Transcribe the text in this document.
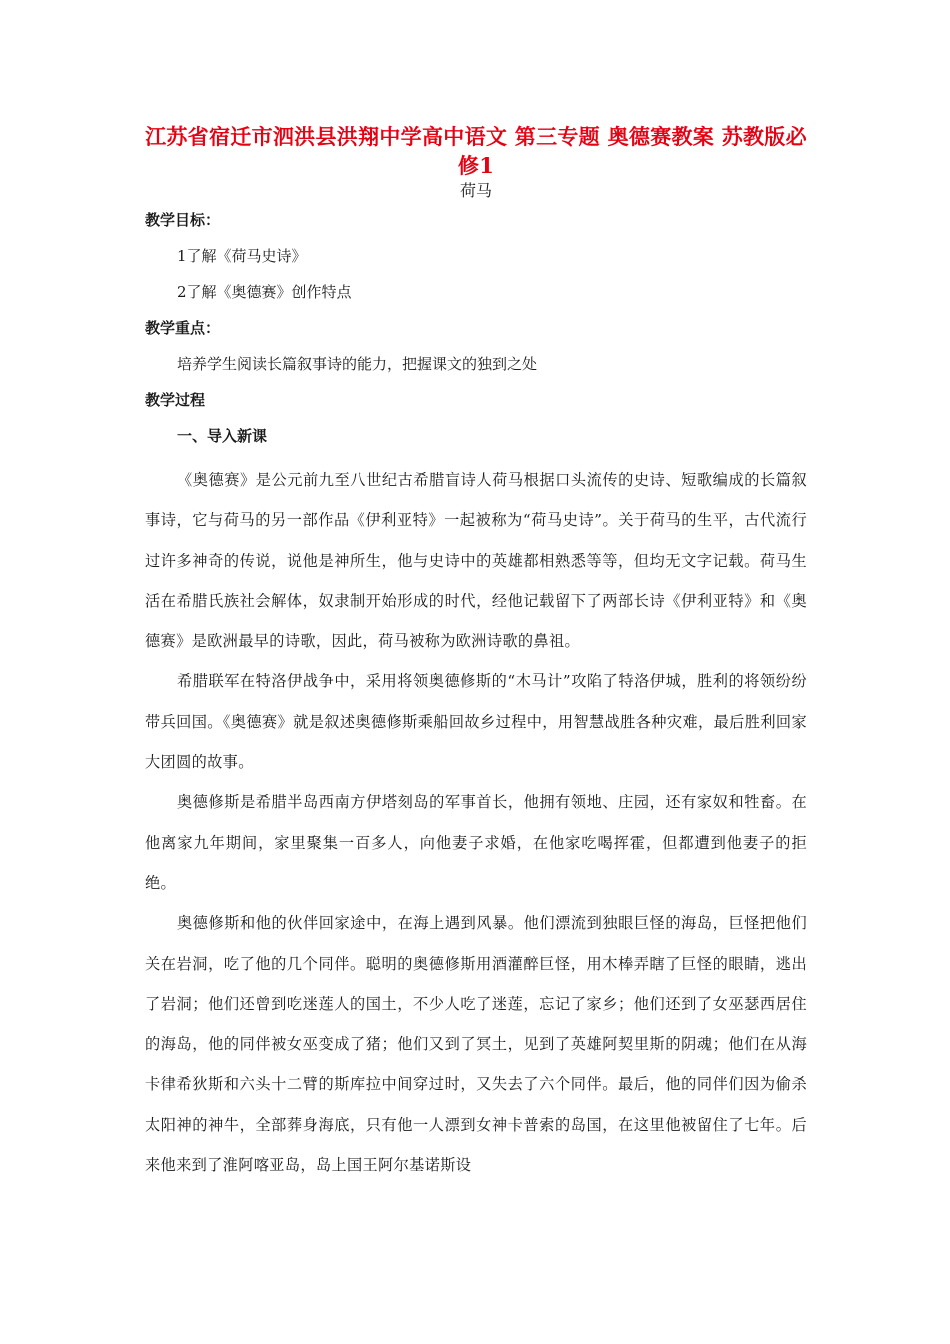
江苏省宿迁市泗洪县洪翔中学高中语文 第三专题 奥德赛教案 苏教版必修1
荷马
教学目标：
1了解《荷马史诗》
2了解《奥德赛》创作特点
教学重点：
培养学生阅读长篇叙事诗的能力，把握课文的独到之处
教学过程
一、导入新课

《奥德赛》是公元前九至八世纪古希腊盲诗人荷马根据口头流传的史诗、短歌编成的长篇叙事诗，它与荷马的另一部作品《伊利亚特》一起被称为“荷马史诗”。关于荷马的生平，古代流行过许多神奇的传说，说他是神所生，他与史诗中的英雄都相熟悉等等，但均无文字记载。荷马生活在希腊氏族社会解体，奴隶制开始形成的时代，经他记载留下了两部长诗《伊利亚特》和《奥德赛》是欧洲最早的诗歌，因此，荷马被称为欧洲诗歌的鼻祖。

希腊联军在特洛伊战争中，采用将领奥德修斯的“木马计”攻陷了特洛伊城，胜利的将领纷纷带兵回国。《奥德赛》就是叙述奥德修斯乘船回故乡过程中，用智慧战胜各种灾难，最后胜利回家大团圆的故事。

奥德修斯是希腊半岛西南方伊塔刻岛的军事首长，他拥有领地、庄园，还有家奴和牲畜。在他离家九年期间，家里聚集一百多人，向他妻子求婚，在他家吃喝挥霍，但都遭到他妻子的拒绝。

奥德修斯和他的伙伴回家途中，在海上遇到风暴。他们漂流到独眼巨怪的海岛，巨怪把他们关在岩洞，吃了他的几个同伴。聪明的奥德修斯用酒灌醉巨怪，用木棒弄瞎了巨怪的眼睛，逃出了岩洞；他们还曾到吃迷莲人的国土，不少人吃了迷莲，忘记了家乡；他们还到了女巫瑟西居住的海岛，他的同伴被女巫变成了猪；他们又到了冥土，见到了英雄阿契里斯的阴魂；他们在从海卡律希狄斯和六头十二臂的斯库拉中间穿过时，又失去了六个同伴。最后，他的同伴们因为偷杀太阳神的神牛，全部葬身海底，只有他一人漂到女神卡普索的岛国，在这里他被留住了七年。后来他来到了淮阿喀亚岛，岛上国王阿尔基诺斯设
